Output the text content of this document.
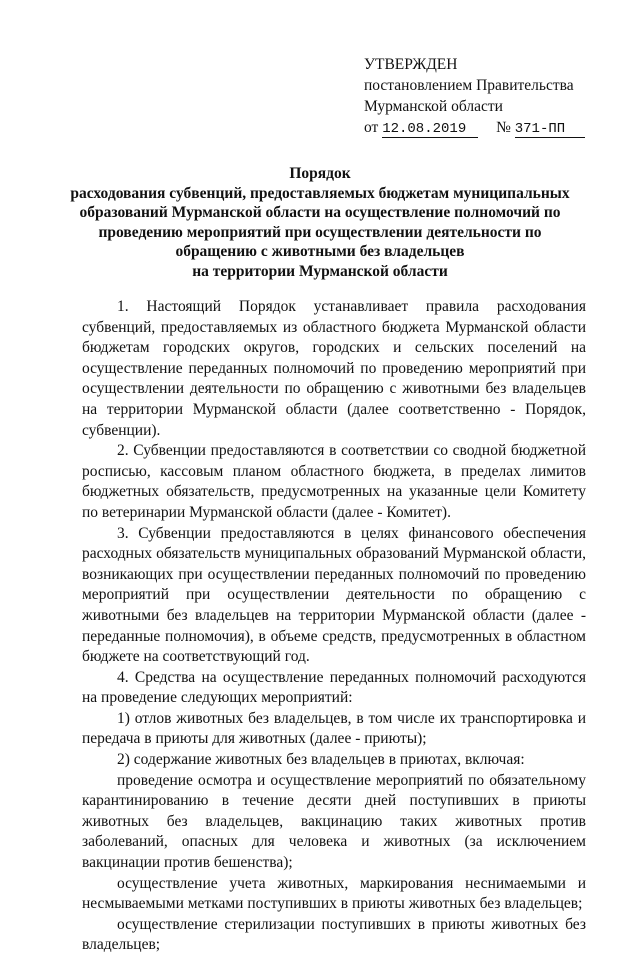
УТВЕРЖДЕН
постановлением Правительства
Мурманской области
от 12.08.2019 № 371-ПП
Порядок
расходования субвенций, предоставляемых бюджетам муниципальных
образований Мурманской области на осуществление полномочий по
проведению мероприятий при осуществлении деятельности по
обращению с животными без владельцев
на территории Мурманской области

1. Настоящий Порядок устанавливает правила расходования субвенций, предоставляемых из областного бюджета Мурманской области бюджетам городских округов, городских и сельских поселений на осуществление переданных полномочий по проведению мероприятий при осуществлении деятельности по обращению с животными без владельцев на территории Мурманской области (далее соответственно - Порядок, субвенции).

2. Субвенции предоставляются в соответствии со сводной бюджетной росписью, кассовым планом областного бюджета, в пределах лимитов бюджетных обязательств, предусмотренных на указанные цели Комитету по ветеринарии Мурманской области (далее - Комитет).

3. Субвенции предоставляются в целях финансового обеспечения расходных обязательств муниципальных образований Мурманской области, возникающих при осуществлении переданных полномочий по проведению мероприятий при осуществлении деятельности по обращению с животными без владельцев на территории Мурманской области (далее - переданные полномочия), в объеме средств, предусмотренных в областном бюджете на соответствующий год.

4. Средства на осуществление переданных полномочий расходуются на проведение следующих мероприятий:

1) отлов животных без владельцев, в том числе их транспортировка и передача в приюты для животных (далее - приюты);

2) содержание животных без владельцев в приютах, включая:

проведение осмотра и осуществление мероприятий по обязательному карантинированию в течение десяти дней поступивших в приюты животных без владельцев, вакцинацию таких животных против заболеваний, опасных для человека и животных (за исключением вакцинации против бешенства);

осуществление учета животных, маркирования неснимаемыми и несмываемыми метками поступивших в приюты животных без владельцев;

осуществление стерилизации поступивших в приюты животных без владельцев;
